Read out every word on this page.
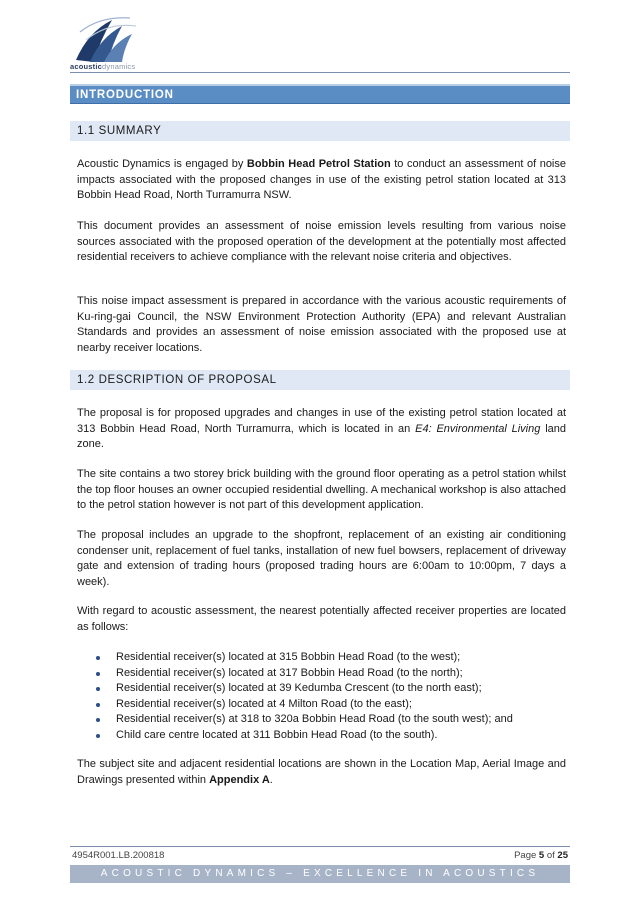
acousticdynamics
INTRODUCTION
1.1 SUMMARY

Acoustic Dynamics is engaged by Bobbin Head Petrol Station to conduct an assessment of noise impacts associated with the proposed changes in use of the existing petrol station located at 313 Bobbin Head Road, North Turramurra NSW.

This document provides an assessment of noise emission levels resulting from various noise sources associated with the proposed operation of the development at the potentially most affected residential receivers to achieve compliance with the relevant noise criteria and objectives.

This noise impact assessment is prepared in accordance with the various acoustic requirements of Ku-ring-gai Council, the NSW Environment Protection Authority (EPA) and relevant Australian Standards and provides an assessment of noise emission associated with the proposed use at nearby receiver locations.

1.2 DESCRIPTION OF PROPOSAL

The proposal is for proposed upgrades and changes in use of the existing petrol station located at 313 Bobbin Head Road, North Turramurra, which is located in an E4: Environmental Living land zone.

The site contains a two storey brick building with the ground floor operating as a petrol station whilst the top floor houses an owner occupied residential dwelling. A mechanical workshop is also attached to the petrol station however is not part of this development application.

The proposal includes an upgrade to the shopfront, replacement of an existing air conditioning condenser unit, replacement of fuel tanks, installation of new fuel bowsers, replacement of driveway gate and extension of trading hours (proposed trading hours are 6:00am to 10:00pm, 7 days a week).

With regard to acoustic assessment, the nearest potentially affected receiver properties are located as follows:

Residential receiver(s) located at 315 Bobbin Head Road (to the west);
Residential receiver(s) located at 317 Bobbin Head Road (to the north);
Residential receiver(s) located at 39 Kedumba Crescent (to the north east);
Residential receiver(s) located at 4 Milton Road (to the east);
Residential receiver(s) at 318 to 320a Bobbin Head Road (to the south west); and
Child care centre located at 311 Bobbin Head Road (to the south).

The subject site and adjacent residential locations are shown in the Location Map, Aerial Image and Drawings presented within Appendix A.

4954R001.LB.200818	Page 5 of 25
ACOUSTIC DYNAMICS – EXCELLENCE IN ACOUSTICS
